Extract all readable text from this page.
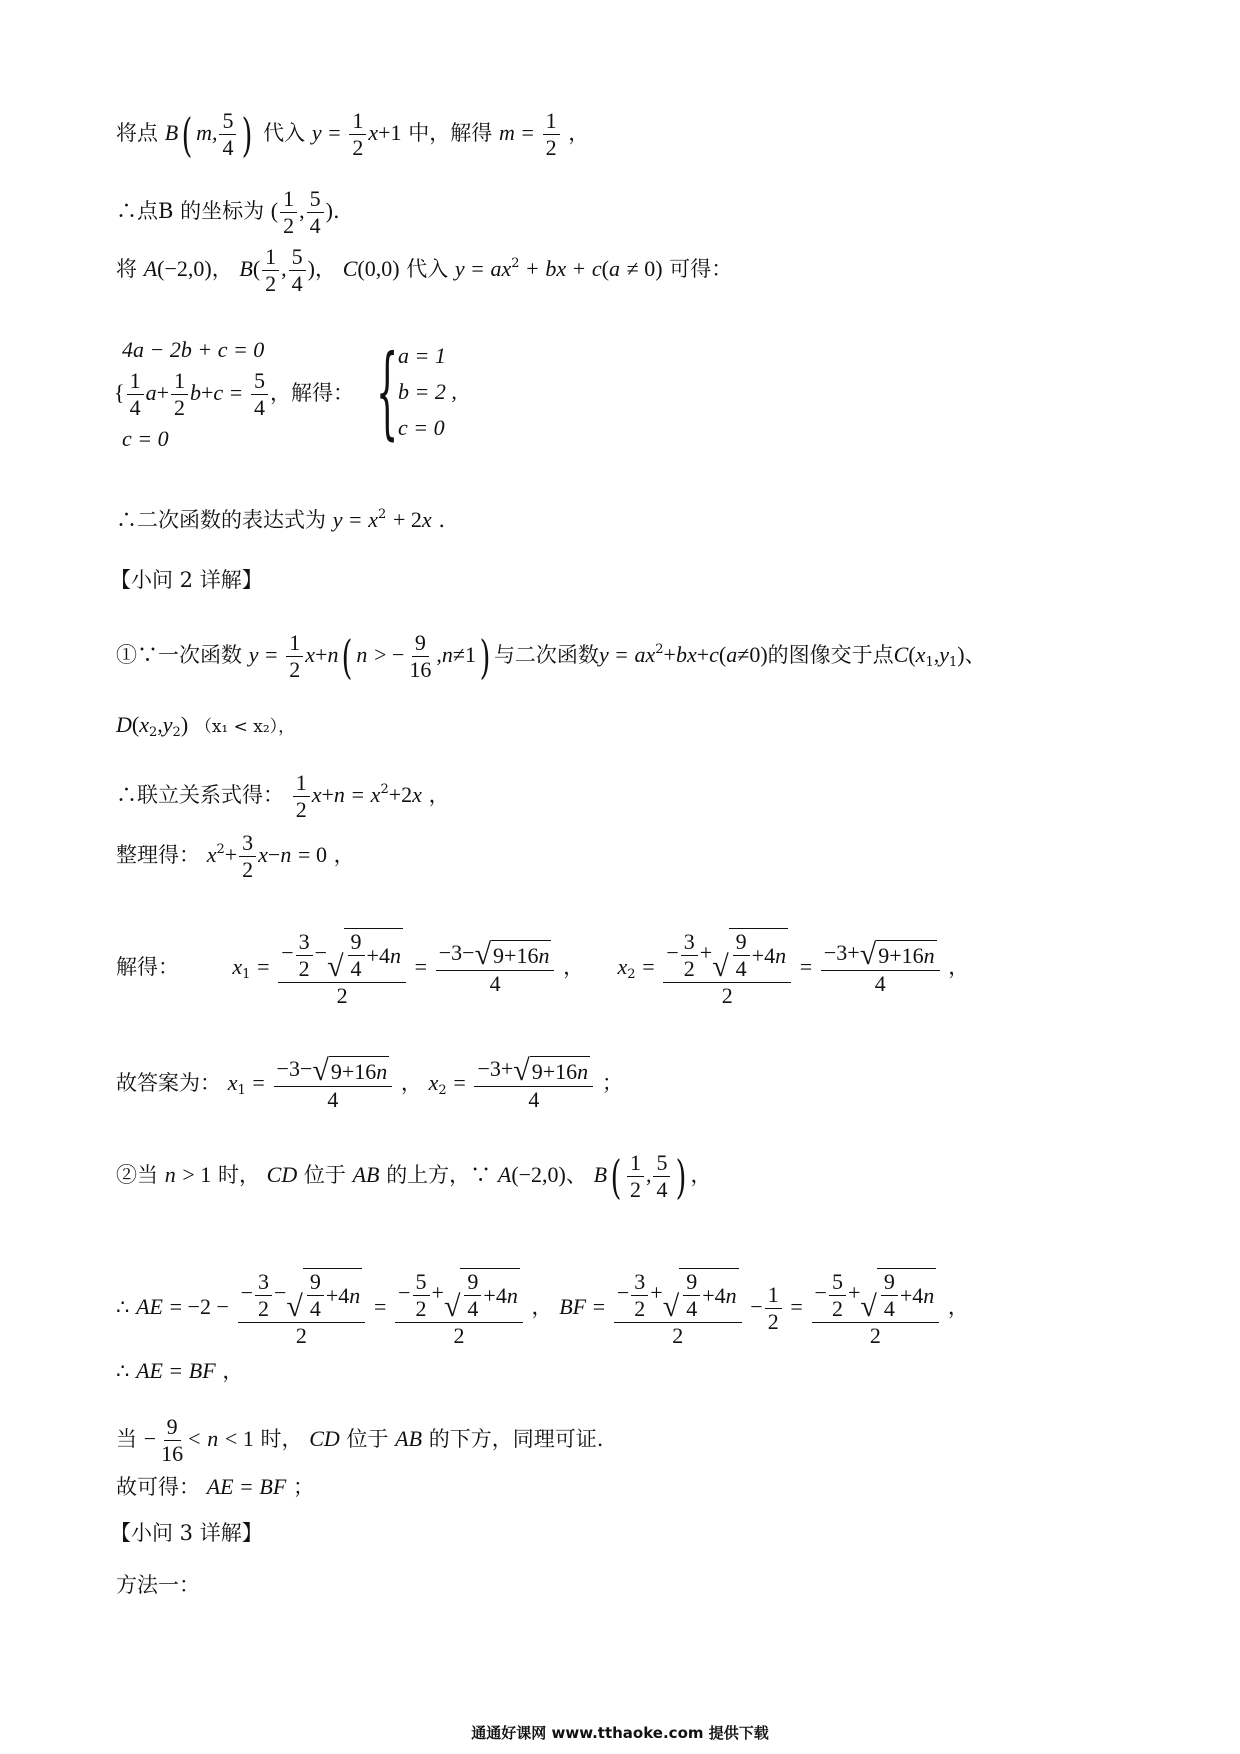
将点 B( m, $\frac{5}{4}$ ) 代入 $y = \frac{1}{2} x+1$ 中，解得 $m = \frac{1}{2}$ ，
∴点B 的坐标为 ( $\frac{1}{2}$ , $\frac{5}{4}$ ).
将 A(−2,0)， $B( \frac{1}{2}$ , $\frac{5}{4}$ )， C(0,0) 代入 $y = ax^2$ + bx + c(a ≠ 0) 可得：
4a − 2b + c = 0
{ $\frac{1}{4} a+ \frac{1}{2} b+c = \frac{5}{4}$ ，解得：
c = 0	{ a = 1
b = 2 ,
c = 0
∴二次函数的表达式为 $y = x^2 + 2x$ .
【小问 2 详解】
①∵一次函数 $y = \frac{1}{2} x+n$( n > − $\frac{9}{16} ,n\ne 1$) 与二次函数$y = ax^2+bx+c(a\ne 0)$的图像交于点$C(x_1,y_1)$、
$D(x_2,y_2) (x_1 < x_2)$，
∴联立关系式得： $\frac{1}{2} x+n = x^2+2x$ ，
整理得： $x^2+ \frac{3}{2} x-n = 0$ ，
解得： $x_1 = \frac{- \frac{3}{2} - √ \frac{9}{4} +4 n}{2} = \frac{-3- √ 9+16 n}{4}$ ，  $x_2 = \frac{- \frac{3}{2} + √ \frac{9}{4} +4 n}{2} = \frac{-3+ √ 9+16 n}{4}$ ，
故答案为： $x_1 = \frac{-3- √ 9+16 n}{4}$ ， $x_2 = \frac{-3+ √ 9+16 n}{4}$ ；
②当 n > 1 时， CD 位于 AB 的上方，∵ A(−2,0)、 $B( \frac{1}{2}$ , $\frac{5}{4}$ ) ，
∴ AE = $-2 - \frac{- \frac{3}{2} - √ \frac{9}{4} +4 n}{2} = \frac{- \frac{5}{2} + √ \frac{9}{4} +4 n}{2}$ ， BF = $\frac{- \frac{3}{2} + √ \frac{9}{4} +4 n}{2} - \frac{1}{2} = \frac{- \frac{5}{2} + √ \frac{9}{4} +4 n}{2}$ ，
∴ AE = BF ，
当 − $\frac{9}{16} < n < 1$ 时， CD 位于 AB 的下方，同理可证.
故可得： AE = BF ；
【小问 3 详解】
方法一：
通通好课网 www.tthaoke.com 提供下载
